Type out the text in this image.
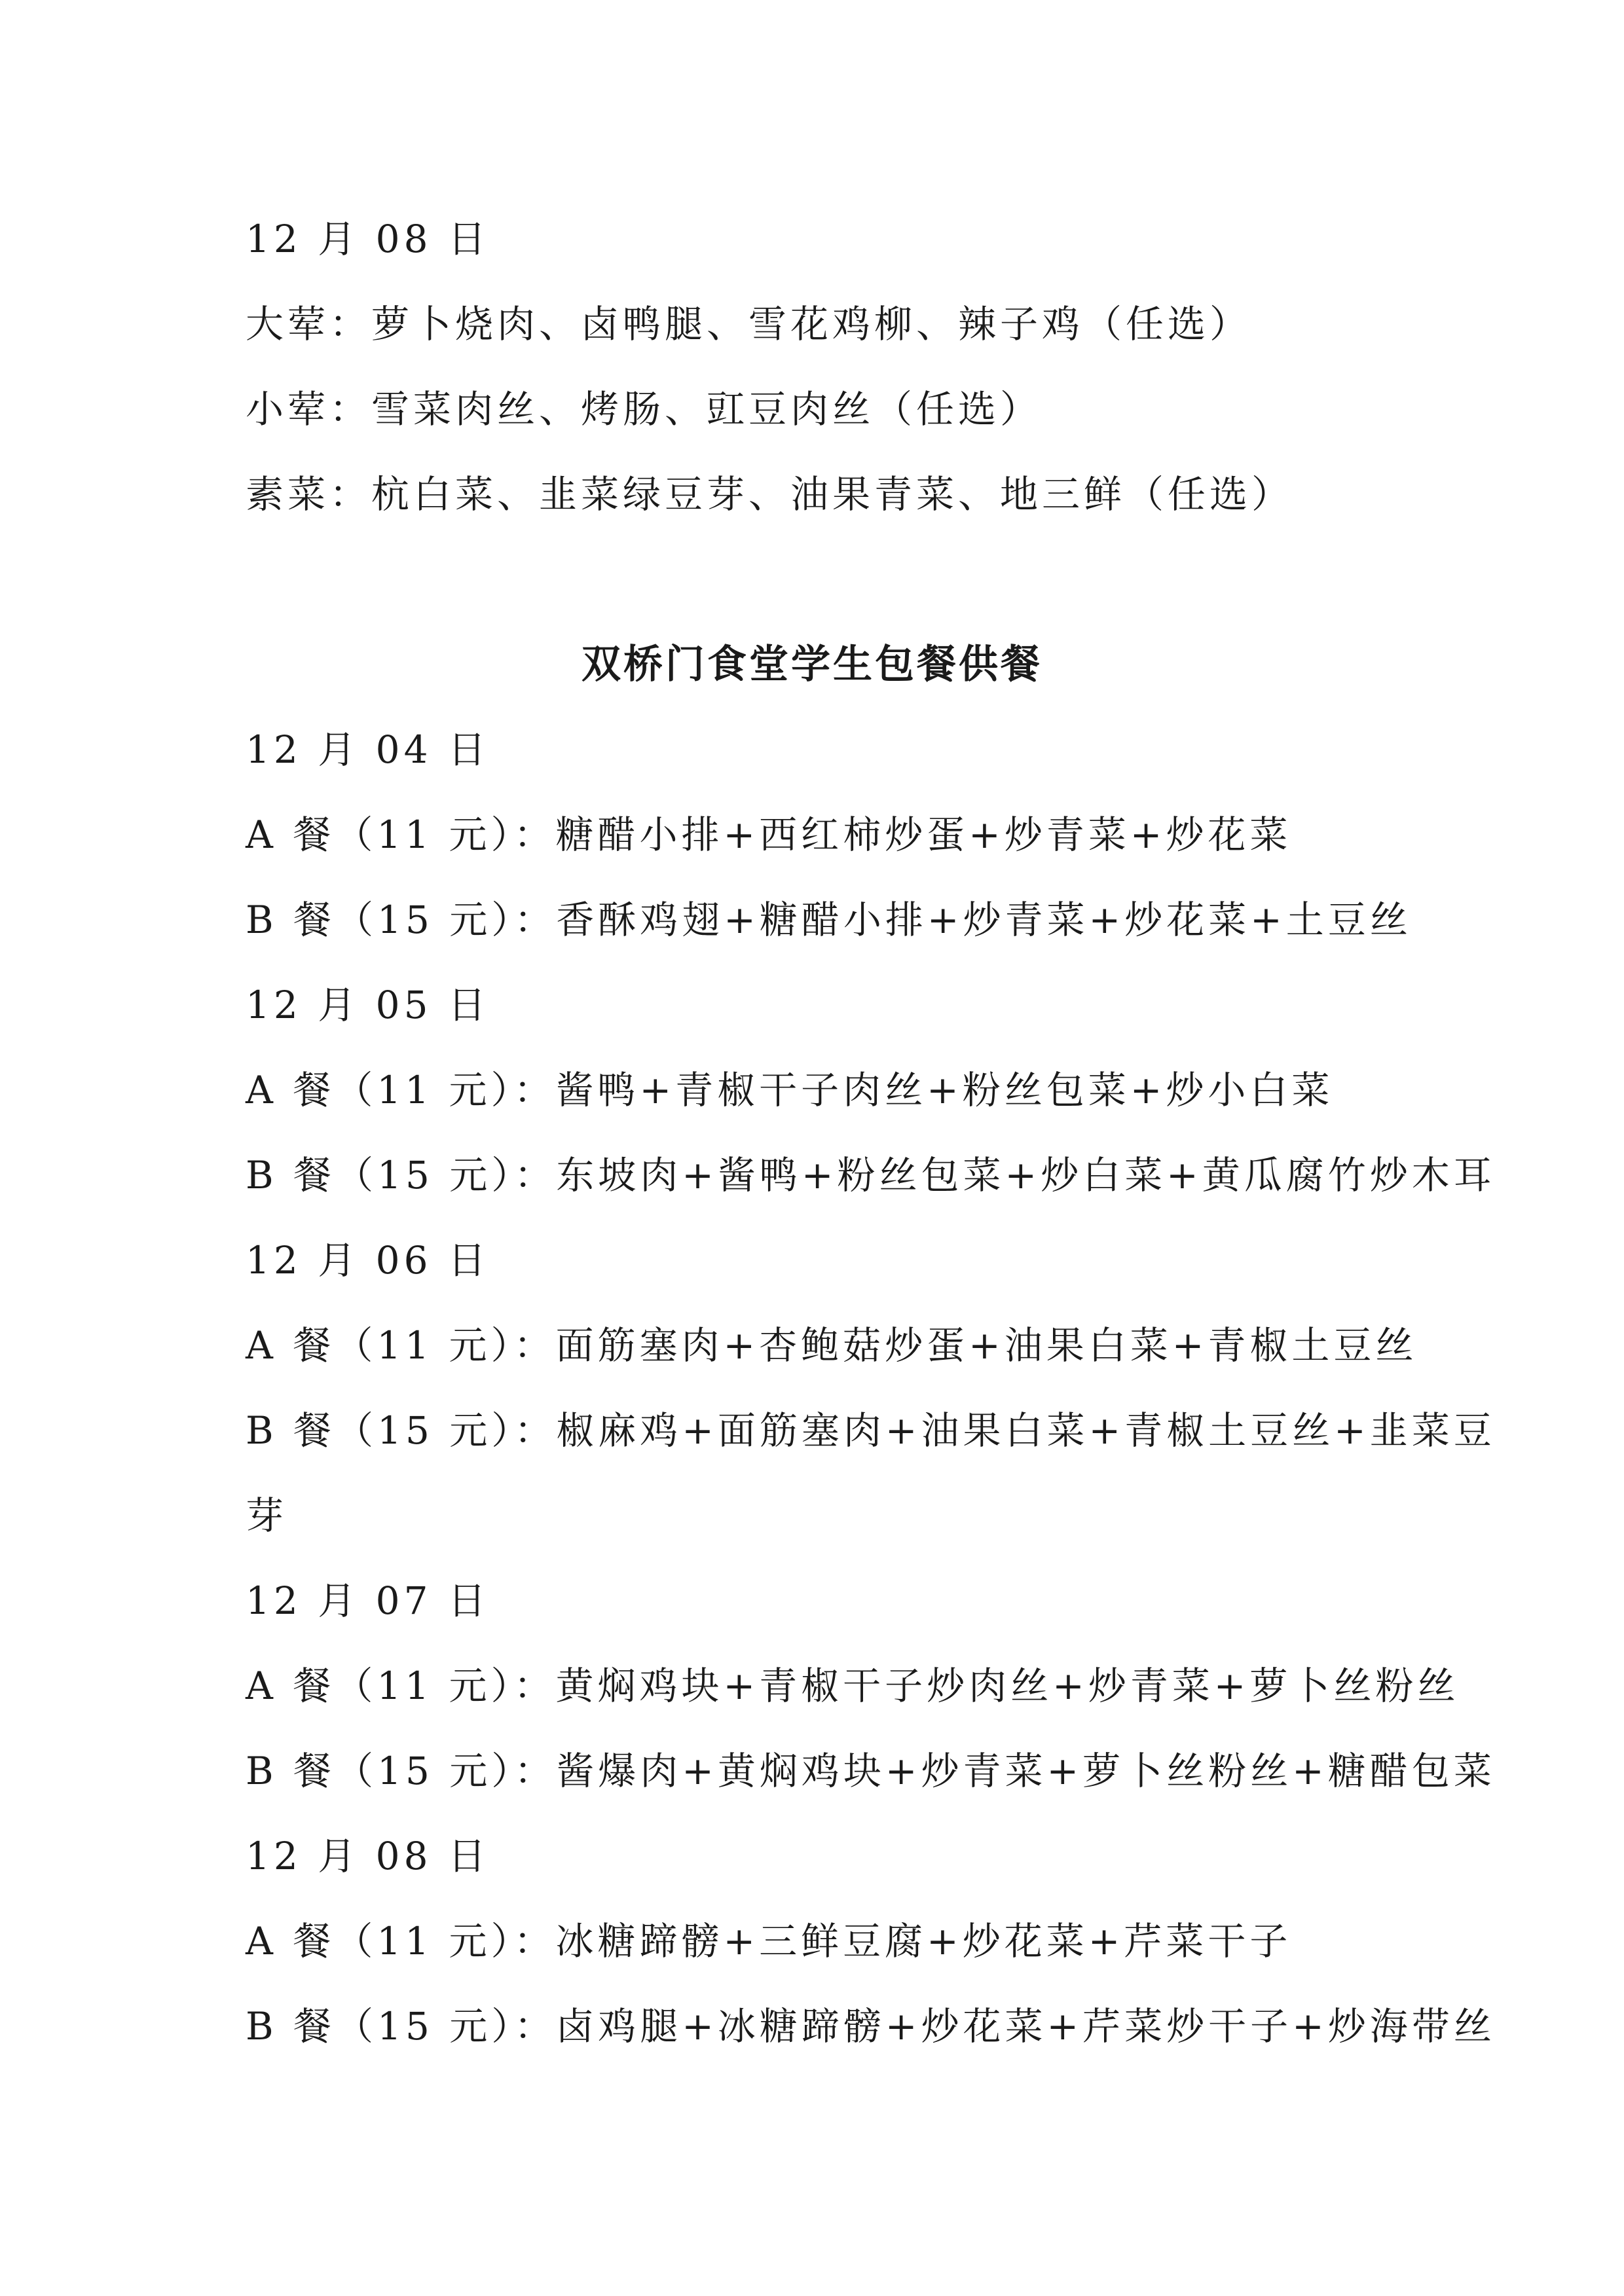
12 月 08 日
大荤：萝卜烧肉、卤鸭腿、雪花鸡柳、辣子鸡（任选）
小荤：雪菜肉丝、烤肠、豇豆肉丝（任选）
素菜：杭白菜、韭菜绿豆芽、油果青菜、地三鲜（任选）
双桥门食堂学生包餐供餐
12 月 04 日
A 餐（11 元）：糖醋小排+西红柿炒蛋+炒青菜+炒花菜
B 餐（15 元）：香酥鸡翅+糖醋小排+炒青菜+炒花菜+土豆丝
12 月 05 日
A 餐（11 元）：酱鸭+青椒干子肉丝+粉丝包菜+炒小白菜
B 餐（15 元）：东坡肉+酱鸭+粉丝包菜+炒白菜+黄瓜腐竹炒木耳
12 月 06 日
A 餐（11 元）：面筋塞肉+杏鲍菇炒蛋+油果白菜+青椒土豆丝
B 餐（15 元）：椒麻鸡+面筋塞肉+油果白菜+青椒土豆丝+韭菜豆
芽
12 月 07 日
A 餐（11 元）：黄焖鸡块+青椒干子炒肉丝+炒青菜+萝卜丝粉丝
B 餐（15 元）：酱爆肉+黄焖鸡块+炒青菜+萝卜丝粉丝+糖醋包菜
12 月 08 日
A 餐（11 元）：冰糖蹄髈+三鲜豆腐+炒花菜+芹菜干子
B 餐（15 元）：卤鸡腿+冰糖蹄髈+炒花菜+芹菜炒干子+炒海带丝
